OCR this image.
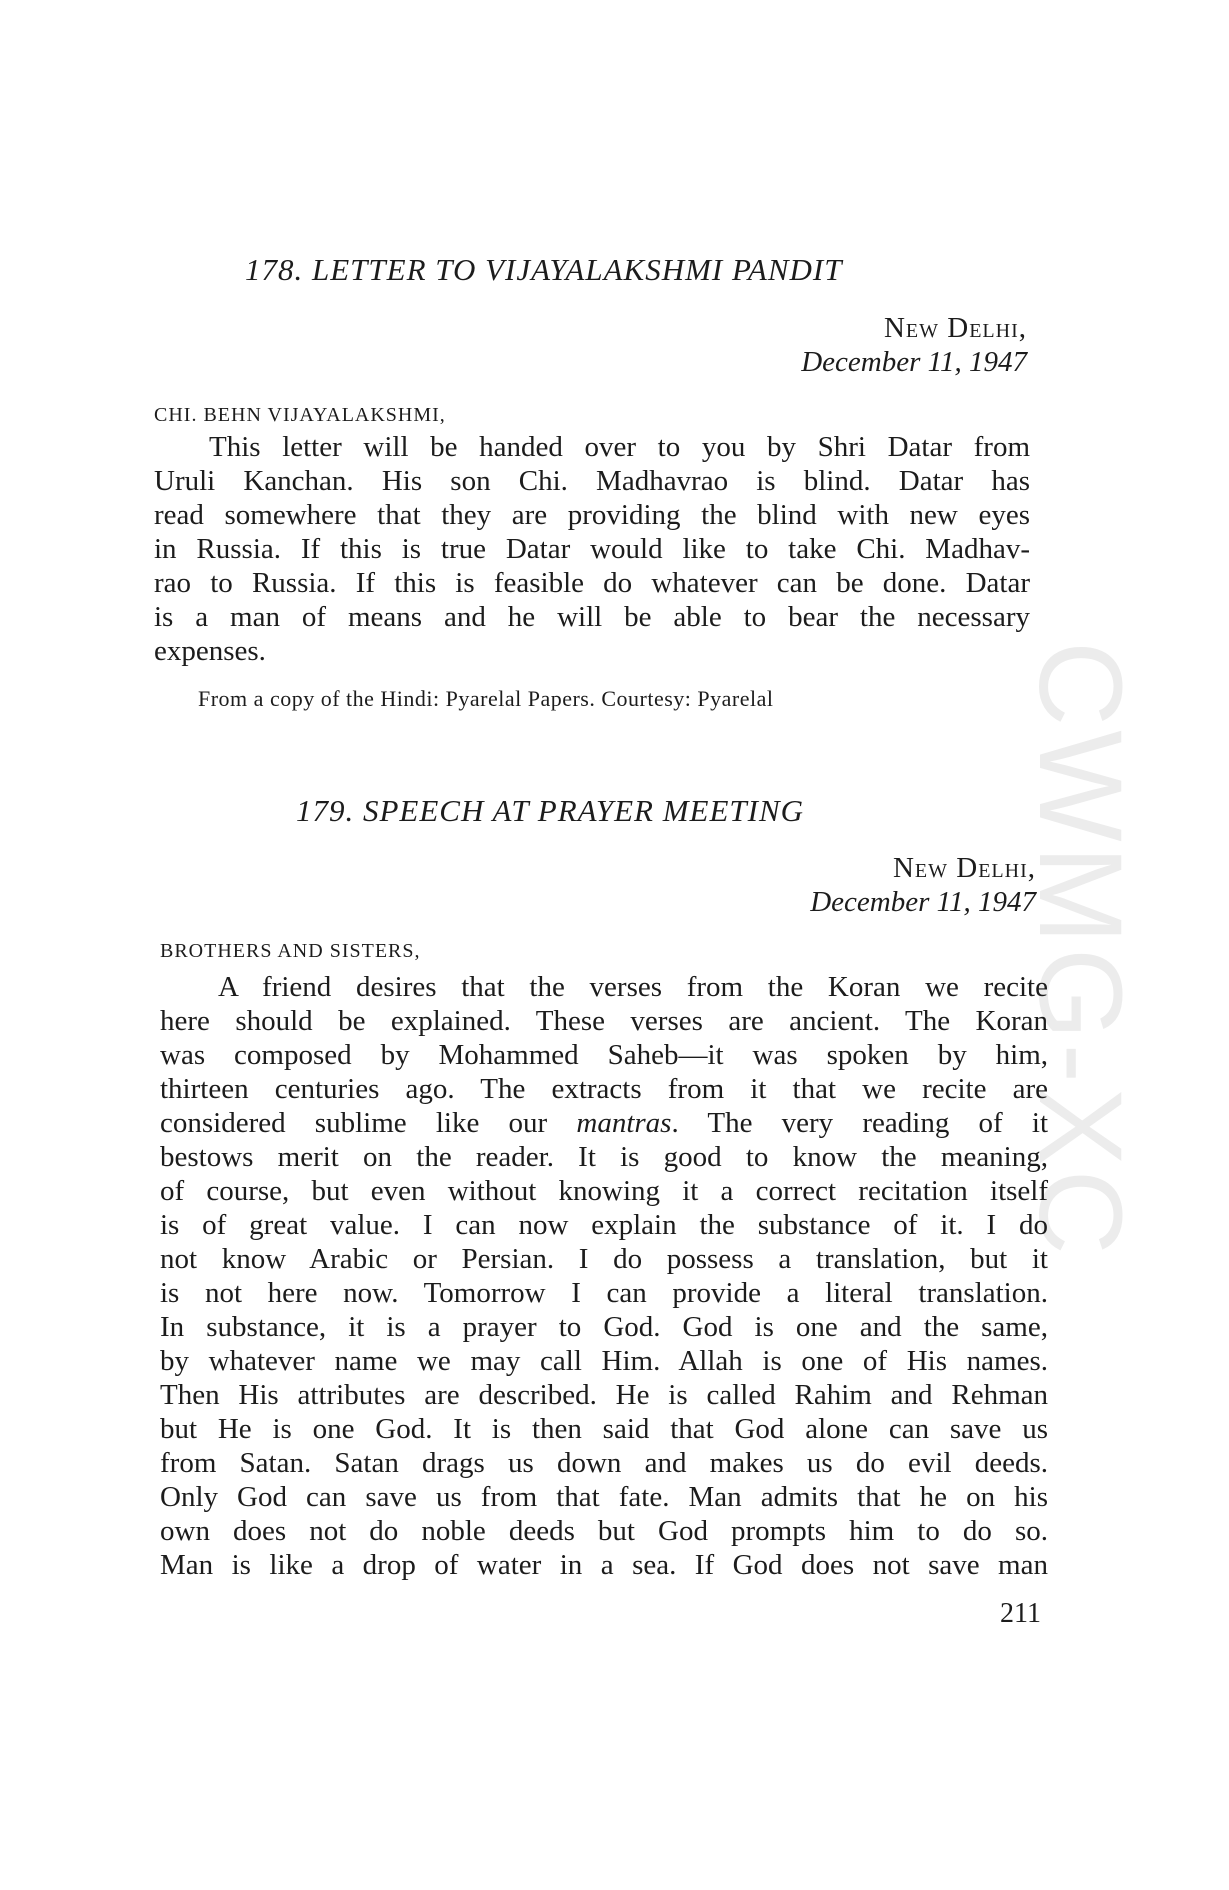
CWMG-XC
178. LETTER TO VIJAYALAKSHMI PANDIT
New Delhi,
December 11, 1947
CHI. BEHN VIJAYALAKSHMI,
This letter will be handed over to you by Shri Datar from
Uruli Kanchan. His son Chi. Madhavrao is blind. Datar has
read somewhere that they are providing the blind with new eyes
in Russia. If this is true Datar would like to take Chi. Madhav-
rao to Russia. If this is feasible do whatever can be done. Datar
is a man of means and he will be able to bear the necessary
expenses.
From a copy of the Hindi: Pyarelal Papers. Courtesy: Pyarelal
179. SPEECH AT PRAYER MEETING
New Delhi,
December 11, 1947
BROTHERS AND SISTERS,
A friend desires that the verses from the Koran we recite
here should be explained. These verses are ancient. The Koran
was composed by Mohammed Saheb—it was spoken by him,
thirteen centuries ago. The extracts from it that we recite are
considered sublime like our mantras. The very reading of it
bestows merit on the reader. It is good to know the meaning,
of course, but even without knowing it a correct recitation itself
is of great value. I can now explain the substance of it. I do
not know Arabic or Persian. I do possess a translation, but it
is not here now. Tomorrow I can provide a literal translation.
In substance, it is a prayer to God. God is one and the same,
by whatever name we may call Him. Allah is one of His names.
Then His attributes are described. He is called Rahim and Rehman
but He is one God. It is then said that God alone can save us
from Satan. Satan drags us down and makes us do evil deeds.
Only God can save us from that fate. Man admits that he on his
own does not do noble deeds but God prompts him to do so.
Man is like a drop of water in a sea. If God does not save man
211
